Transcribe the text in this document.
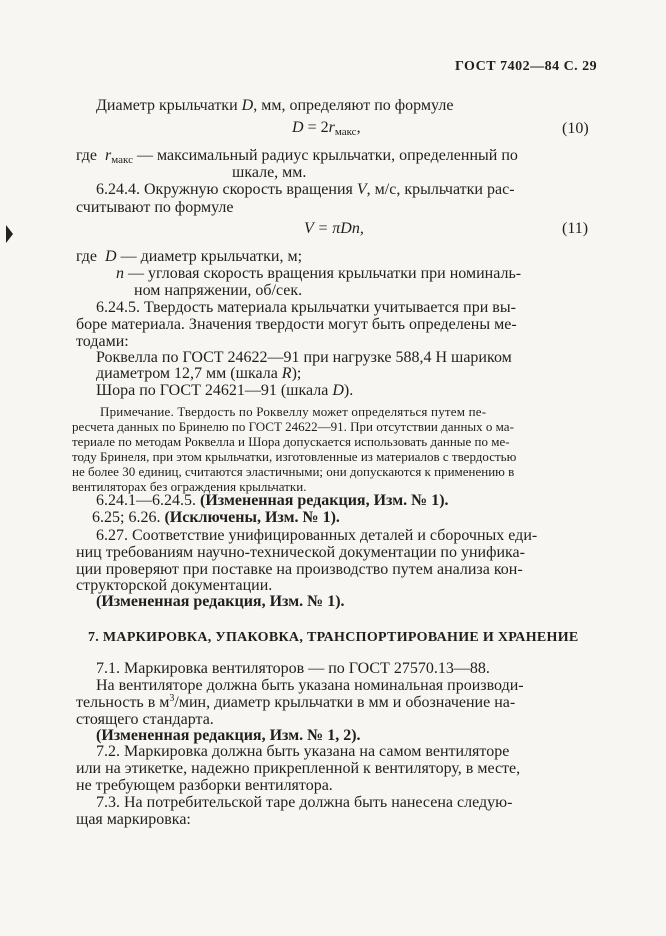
ГОСТ 7402—84 С. 29
Диаметр крыльчатки D, мм, определяют по формуле
D = 2rмакс,	(10)
где rмакс — максимальный радиус крыльчатки, определенный по
шкале, мм.
6.24.4. Окружную скорость вращения V, м/с, крыльчатки рас-
считывают по формуле
V = πDn,	(11)
где D — диаметр крыльчатки, м;
n — угловая скорость вращения крыльчатки при номиналь-
ном напряжении, об/сек.
6.24.5. Твердость материала крыльчатки учитывается при вы-
боре материала. Значения твердости могут быть определены ме-
тодами:
Роквелла по ГОСТ 24622—91 при нагрузке 588,4 Н шариком
диаметром 12,7 мм (шкала R);
Шора по ГОСТ 24621—91 (шкала D).
Примечание. Твердость по Роквеллу может определяться путем пе-
ресчета данных по Бринелю по ГОСТ 24622—91. При отсутствии данных о ма-
териале по методам Роквелла и Шора допускается использовать данные по ме-
тоду Бринеля, при этом крыльчатки, изготовленные из материалов с твердостью
не более 30 единиц, считаются эластичными; они допускаются к применению в
вентиляторах без ограждения крыльчатки.
6.24.1—6.24.5. (Измененная редакция, Изм. № 1).
6.25; 6.26. (Исключены, Изм. № 1).
6.27. Соответствие унифицированных деталей и сборочных еди-
ниц требованиям научно-технической документации по унифика-
ции проверяют при поставке на производство путем анализа кон-
структорской документации.
(Измененная редакция, Изм. № 1).
7. МАРКИРОВКА, УПАКОВКА, ТРАНСПОРТИРОВАНИЕ И ХРАНЕНИЕ
7.1. Маркировка вентиляторов — по ГОСТ 27570.13—88.
На вентиляторе должна быть указана номинальная производи-
тельность в $м^3$/мин, диаметр крыльчатки в мм и обозначение на-
стоящего стандарта.
(Измененная редакция, Изм. № 1, 2).
7.2. Маркировка должна быть указана на самом вентиляторе
или на этикетке, надежно прикрепленной к вентилятору, в месте,
не требующем разборки вентилятора.
7.3. На потребительской таре должна быть нанесена следую-
щая маркировка:
